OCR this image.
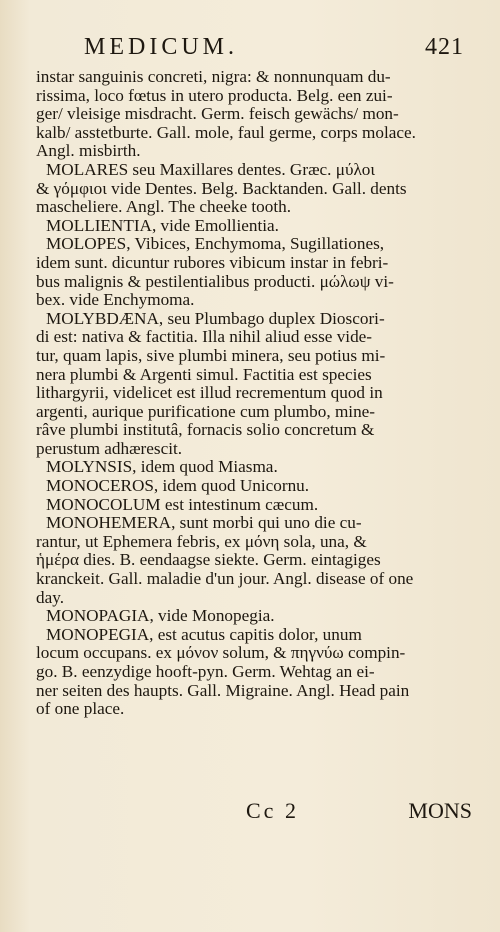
MEDICUM.	421
instar sanguinis concreti, nigra: & nonnunquam du-
rissima, loco fœtus in utero producta. Belg. een zui-
ger/ vleisige misdracht. Germ. feisch gewächs/ mon-
kalb/ asstetburte. Gall. mole, faul germe, corps molace.
Angl. misbirth.
MOLARES seu Maxillares dentes. Græc. μύλοι
& γόμφιοι vide Dentes. Belg. Backtanden. Gall. dents
mascheliere. Angl. The cheeke tooth.
MOLLIENTIA, vide Emollientia.
MOLOPES, Vibices, Enchymoma, Sugillationes,
idem sunt. dicuntur rubores vibicum instar in febri-
bus malignis & pestilentialibus producti. μώλωψ vi-
bex. vide Enchymoma.
MOLYBDÆNA, seu Plumbago duplex Dioscori-
di est: nativa & factitia. Illa nihil aliud esse vide-
tur, quam lapis, sive plumbi minera, seu potius mi-
nera plumbi & Argenti simul. Factitia est species
lithargyrii, videlicet est illud recrementum quod in
argenti, aurique purificatione cum plumbo, mine-
râve plumbi institutâ, fornacis solio concretum &
perustum adhærescit.
MOLYNSIS, idem quod Miasma.
MONOCEROS, idem quod Unicornu.
MONOCOLUM est intestinum cæcum.
MONOHEMERA, sunt morbi qui uno die cu-
rantur, ut Ephemera febris, ex μόνη sola, una, &
ἡμέρα dies. B. eendaagse siekte. Germ. eintagiges
kranckeit. Gall. maladie d'un jour. Angl. disease of one
day.
MONOPAGIA, vide Monopegia.
MONOPEGIA, est acutus capitis dolor, unum
locum occupans. ex μόνον solum, & πηγνύω compin-
go. B. eenzydige hooft-pyn. Germ. Wehtag an ei-
ner seiten des haupts. Gall. Migraine. Angl. Head pain
of one place.
Cc 2	MONS
